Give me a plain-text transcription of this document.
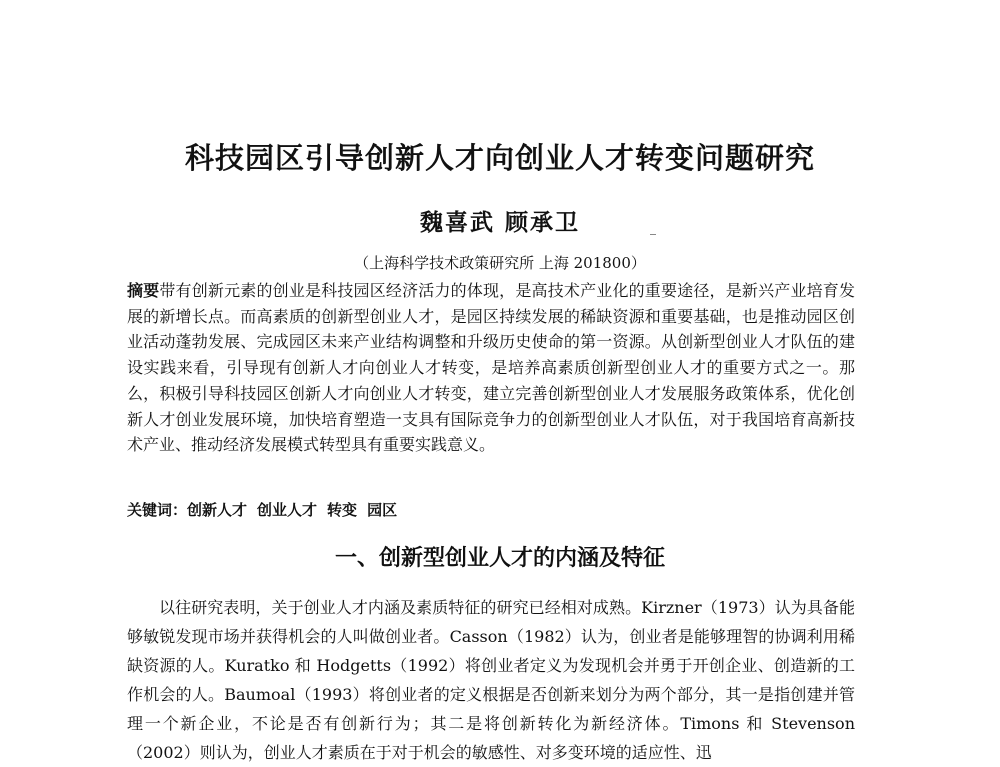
科技园区引导创新人才向创业人才转变问题研究
魏喜武 顾承卫
（上海科学技术政策研究所 上海 201800）
摘要带有创新元素的创业是科技园区经济活力的体现，是高技术产业化的重要途径，是新兴产业培育发展的新增长点。而高素质的创新型创业人才，是园区持续发展的稀缺资源和重要基础，也是推动园区创业活动蓬勃发展、完成园区未来产业结构调整和升级历史使命的第一资源。从创新型创业人才队伍的建设实践来看，引导现有创新人才向创业人才转变，是培养高素质创新型创业人才的重要方式之一。那么，积极引导科技园区创新人才向创业人才转变，建立完善创新型创业人才发展服务政策体系，优化创新人才创业发展环境，加快培育塑造一支具有国际竞争力的创新型创业人才队伍，对于我国培育高新技术产业、推动经济发展模式转型具有重要实践意义。
关键词：创新人才 创业人才 转变 园区
一、创新型创业人才的内涵及特征
以往研究表明，关于创业人才内涵及素质特征的研究已经相对成熟。Kirzner（1973）认为具备能够敏锐发现市场并获得机会的人叫做创业者。Casson（1982）认为，创业者是能够理智的协调利用稀缺资源的人。Kuratko 和 Hodgetts（1992）将创业者定义为发现机会并勇于开创企业、创造新的工作机会的人。Baumoal（1993）将创业者的定义根据是否创新来划分为两个部分，其一是指创建并管理一个新企业，不论是否有创新行为；其二是将创新转化为新经济体。Timons 和 Stevenson（2002）则认为，创业人才素质在于对于机会的敏感性、对多变环境的适应性、迅
